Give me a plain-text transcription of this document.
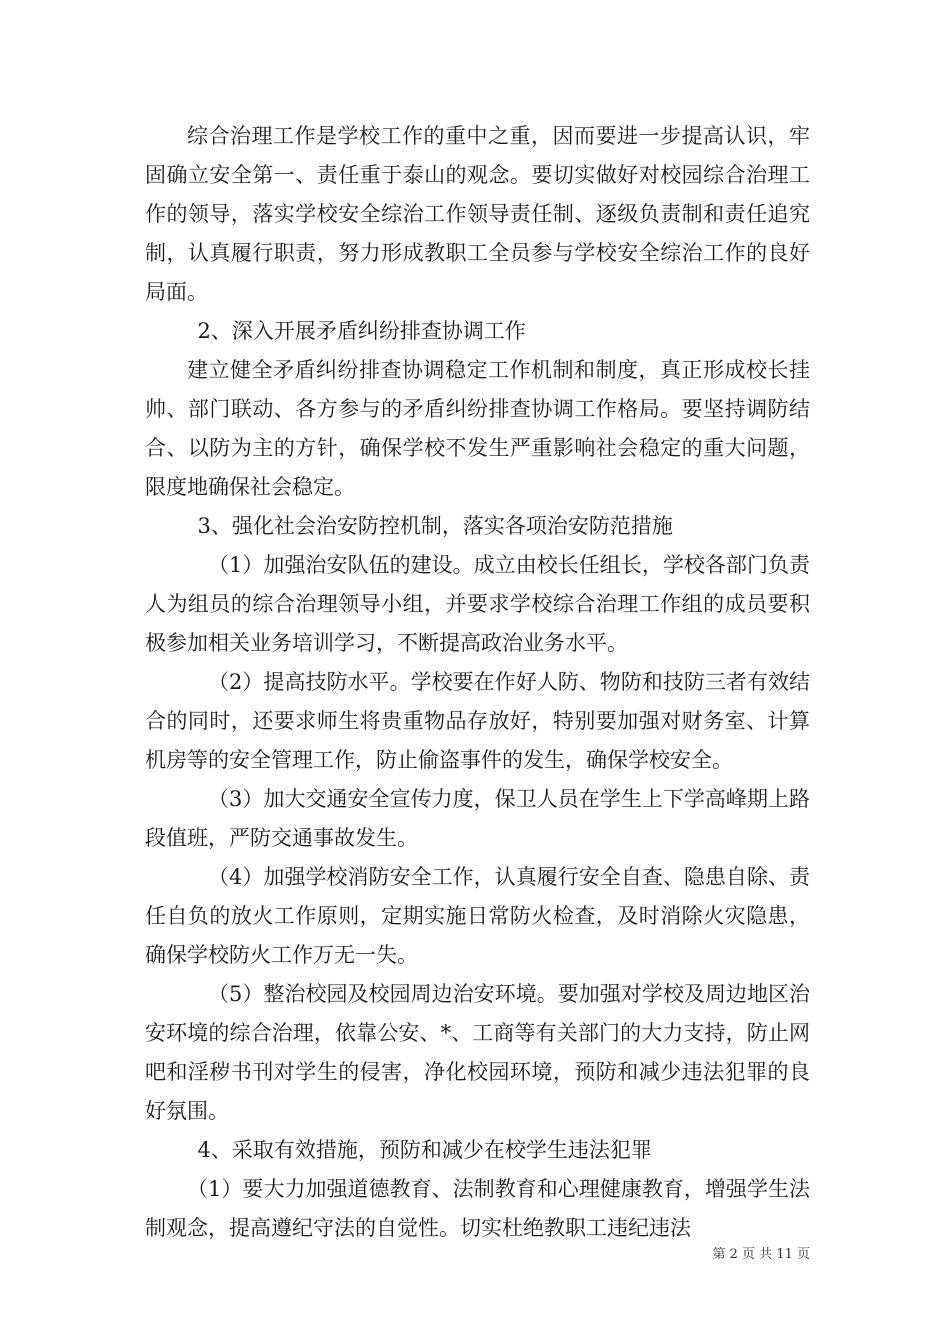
综合治理工作是学校工作的重中之重，因而要进一步提高认识，牢固确立安全第一、责任重于泰山的观念。要切实做好对校园综合治理工作的领导，落实学校安全综治工作领导责任制、逐级负责制和责任追究制，认真履行职责，努力形成教职工全员参与学校安全综治工作的良好局面。

2、深入开展矛盾纠纷排查协调工作

建立健全矛盾纠纷排查协调稳定工作机制和制度，真正形成校长挂帅、部门联动、各方参与的矛盾纠纷排查协调工作格局。要坚持调防结合、以防为主的方针，确保学校不发生严重影响社会稳定的重大问题，限度地确保社会稳定。

3、强化社会治安防控机制，落实各项治安防范措施

（1）加强治安队伍的建设。成立由校长任组长，学校各部门负责人为组员的综合治理领导小组，并要求学校综合治理工作组的成员要积极参加相关业务培训学习，不断提高政治业务水平。

（2）提高技防水平。学校要在作好人防、物防和技防三者有效结合的同时，还要求师生将贵重物品存放好，特别要加强对财务室、计算机房等的安全管理工作，防止偷盗事件的发生，确保学校安全。

（3）加大交通安全宣传力度，保卫人员在学生上下学高峰期上路段值班，严防交通事故发生。

（4）加强学校消防安全工作，认真履行安全自查、隐患自除、责任自负的放火工作原则，定期实施日常防火检查，及时消除火灾隐患，确保学校防火工作万无一失。

（5）整治校园及校园周边治安环境。要加强对学校及周边地区治安环境的综合治理，依靠公安、*、工商等有关部门的大力支持，防止网吧和淫秽书刊对学生的侵害，净化校园环境，预防和减少违法犯罪的良好氛围。

4、采取有效措施，预防和减少在校学生违法犯罪

（1）要大力加强道德教育、法制教育和心理健康教育，增强学生法制观念，提高遵纪守法的自觉性。切实杜绝教职工违纪违法

第 2 页 共 11 页
